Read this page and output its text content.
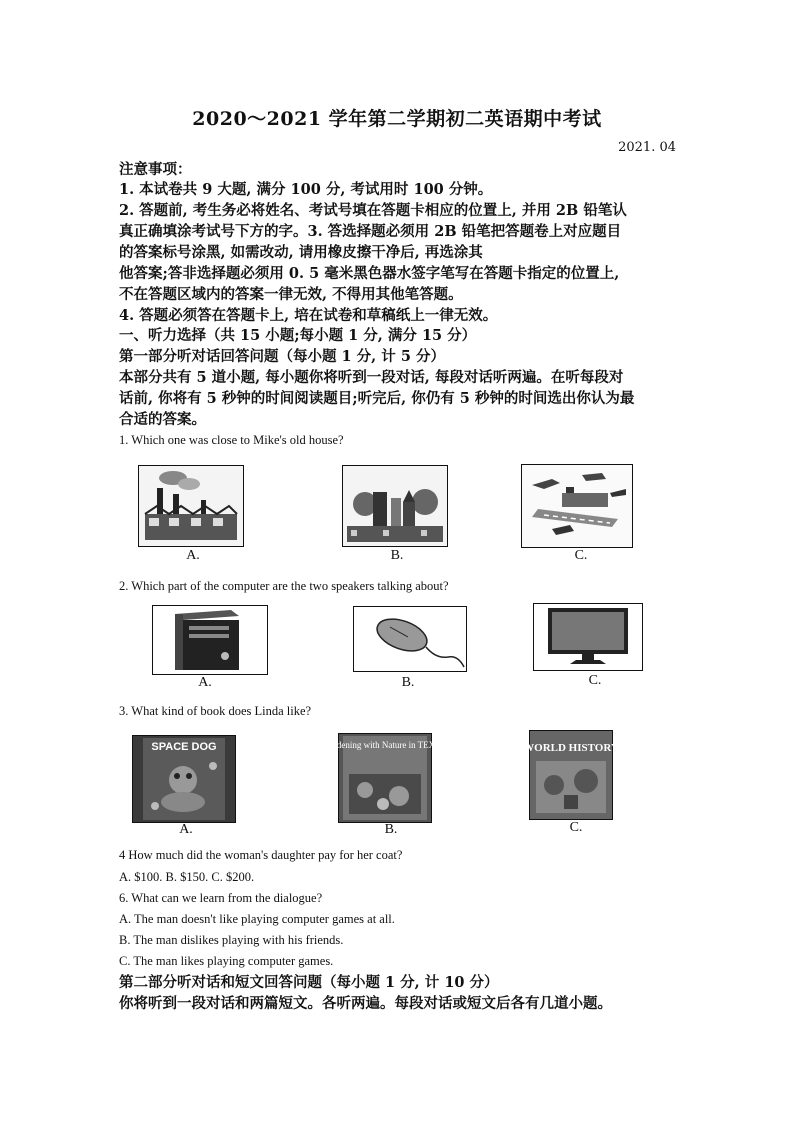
2020～2021 学年第二学期初二英语期中考试
2021. 04
注意事项：
1. 本试卷共 9 大题, 满分 100 分, 考试用时 100 分钟。
2. 答题前, 考生务必将姓名、考试号填在答题卡相应的位置上, 并用 2B 铅笔认
真正确填涂考试号下方的字。3. 答选择题必须用 2B 铅笔把答题卷上对应题目
的答案标号涂黑, 如需改动, 请用橡皮擦干净后, 再选涂其
他答案;答非选择题必须用 0. 5 毫米黑色器水签字笔写在答题卡指定的位置上,
不在答题区域内的答案一律无效, 不得用其他笔答题。
4. 答题必须答在答题卡上, 培在试卷和草稿纸上一律无效。
一、听力选择（共 15 小题;每小题 1 分, 满分 15 分）
第一部分听对话回答问题（每小题 1 分, 计 5 分）
本部分共有 5 道小题, 每小题你将听到一段对话, 每段对话听两遍。在听每段对
话前, 你将有 5 秒钟的时间阅读题目;听完后, 你仍有 5 秒钟的时间选出你认为最
合适的答案。
1. Which one was close to Mike's old house?
A.	B.	C.
2. Which part of the computer are the two speakers talking about?
A.	B.	C.
3. What kind of book does Linda like?
SPACE DOG	Gardening with Nature in TEXAS	WORLD HISTORY
A.	B.	C.
4 How much did the woman's daughter pay for her coat?
A. $100. B. $150. C. $200.
6. What can we learn from the dialogue?
A. The man doesn't like playing computer games at all.
B. The man dislikes playing with his friends.
C. The man likes playing computer games.
第二部分听对话和短文回答问题（每小题 1 分, 计 10 分）
你将听到一段对话和两篇短文。各听两遍。每段对话或短文后各有几道小题。
